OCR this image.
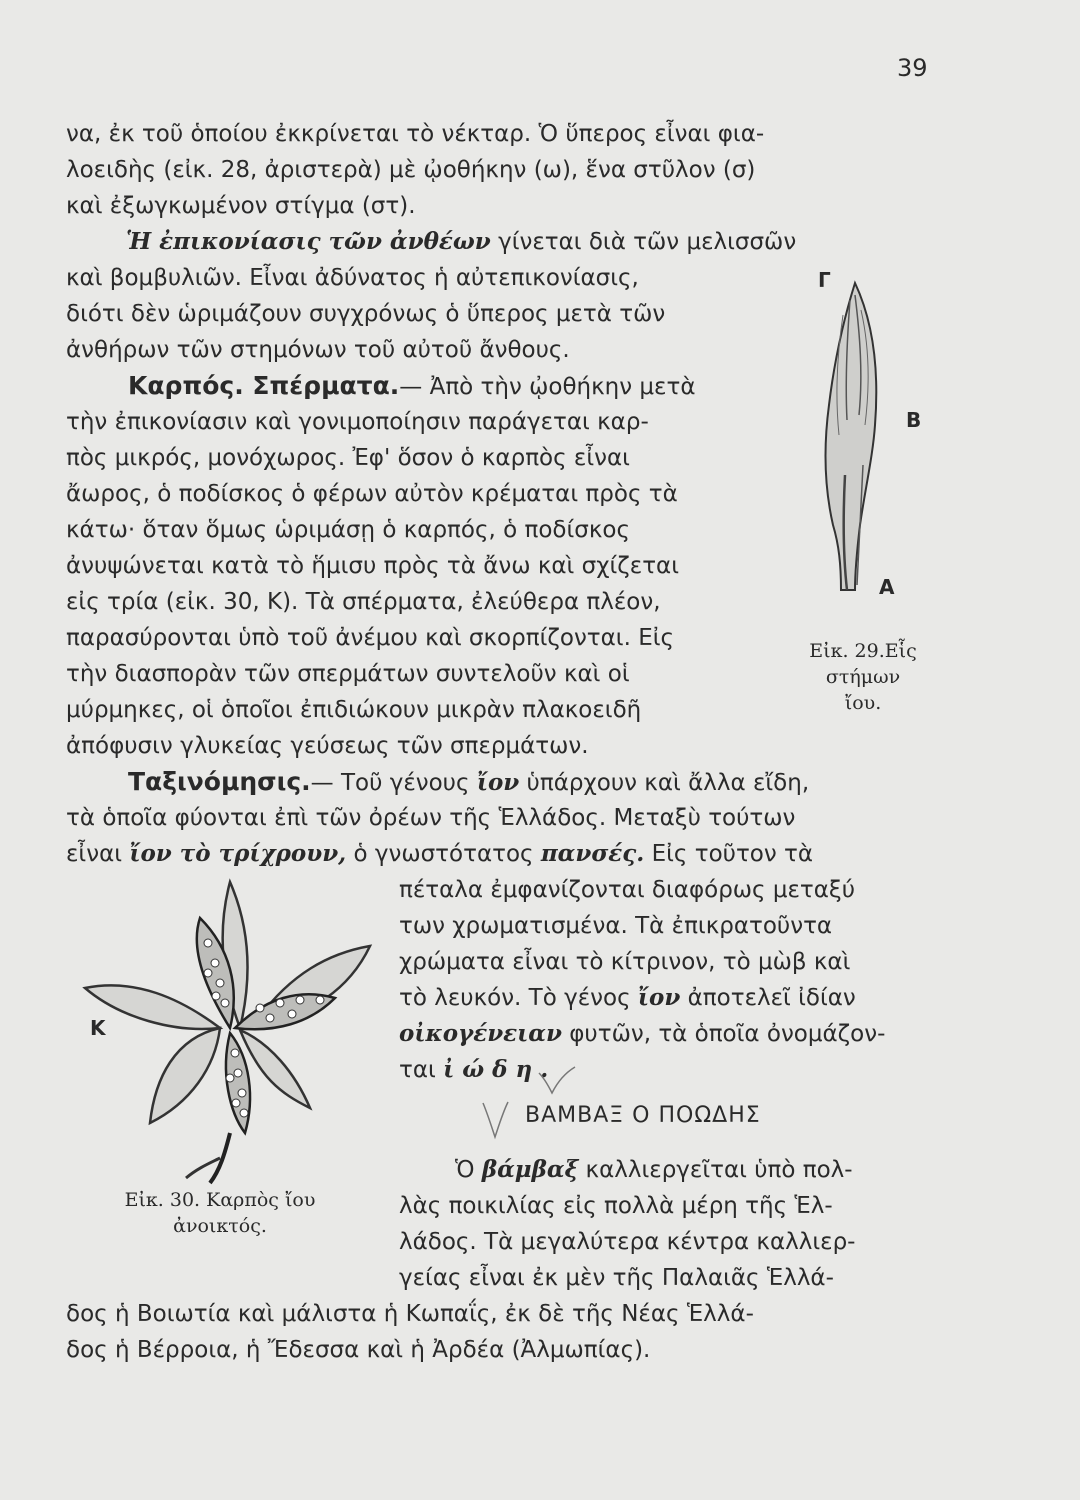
39
να, ἐκ τοῦ ὁποίου ἐκκρίνεται τὸ νέκταρ. Ὁ ὕπερος εἶναι φια-
λοειδὴς (εἰκ. 28, ἀριστερὰ) μὲ ᾠοθήκην (ω), ἕνα στῦλον (σ)
καὶ ἐξωγκωμένον στίγμα (στ).
Ἡ ἐπικονίασις τῶν ἀνθέων γίνεται διὰ τῶν μελισσῶν
καὶ βομβυλιῶν. Εἶναι ἀδύνατος ἡ αὐτεπικονίασις,
διότι δὲν ὡριμάζουν συγχρόνως ὁ ὕπερος μετὰ τῶν
ἀνθήρων τῶν στημόνων τοῦ αὐτοῦ ἄνθους.
Καρπός. Σπέρματα.— Ἀπὸ τὴν ᾠοθήκην μετὰ
τὴν ἐπικονίασιν καὶ γονιμοποίησιν παράγεται καρ-
πὸς μικρός, μονόχωρος. Ἐφ' ὅσον ὁ καρπὸς εἶναι
ἄωρος, ὁ ποδίσκος ὁ φέρων αὐτὸν κρέμαται πρὸς τὰ
κάτω· ὅταν ὅμως ὡριμάσῃ ὁ καρπός, ὁ ποδίσκος
ἀνυψώνεται κατὰ τὸ ἥμισυ πρὸς τὰ ἄνω καὶ σχίζεται
εἰς τρία (εἰκ. 30, Κ). Τὰ σπέρματα, ἐλεύθερα πλέον,
παρασύρονται ὑπὸ τοῦ ἀνέμου καὶ σκορπίζονται. Εἰς
τὴν διασπορὰν τῶν σπερμάτων συντελοῦν καὶ οἱ
μύρμηκες, οἱ ὁποῖοι ἐπιδιώκουν μικρὰν πλακοειδῆ
ἀπόφυσιν γλυκείας γεύσεως τῶν σπερμάτων.
Ταξινόμησις.— Τοῦ γένους ἴον ὑπάρχουν καὶ ἄλλα εἴδη,
τὰ ὁποῖα φύονται ἐπὶ τῶν ὀρέων τῆς Ἑλλάδος. Μεταξὺ τούτων
εἶναι ἴον τὸ τρίχρουν, ὁ γνωστότατος πανσές. Εἰς τοῦτον τὰ
πέταλα ἐμφανίζονται διαφόρως μεταξύ
των χρωματισμένα. Τὰ ἐπικρατοῦντα
χρώματα εἶναι τὸ κίτρινον, τὸ μὼβ καὶ
τὸ λευκόν. Τὸ γένος ἴον ἀποτελεῖ ἰδίαν
οἰκογένειαν φυτῶν, τὰ ὁποῖα ὀνομάζον-
ται ἰ ώ δ η .
ΒΑΜΒΑΞ Ο ΠΟΩΔΗΣ
Ὁ βάμβαξ καλλιεργεῖται ὑπὸ πολ-
λὰς ποικιλίας εἰς πολλὰ μέρη τῆς Ἑλ-
λάδος. Τὰ μεγαλύτερα κέντρα καλλιερ-
γείας εἶναι ἐκ μὲν τῆς Παλαιᾶς Ἑλλά-
δος ἡ Βοιωτία καὶ μάλιστα ἡ Κωπαΐς, ἐκ δὲ τῆς Νέας Ἑλλά-
δος ἡ Βέρροια, ἡ Ἔδεσσα καὶ ἡ Ἀρδέα (Ἀλμωπίας).
Γ
Β
Α
Εἰκ. 29.Εἷς
στήμων
ἴου.
Κ
Εἰκ. 30. Καρπὸς ἴου
ἀνοικτός.
